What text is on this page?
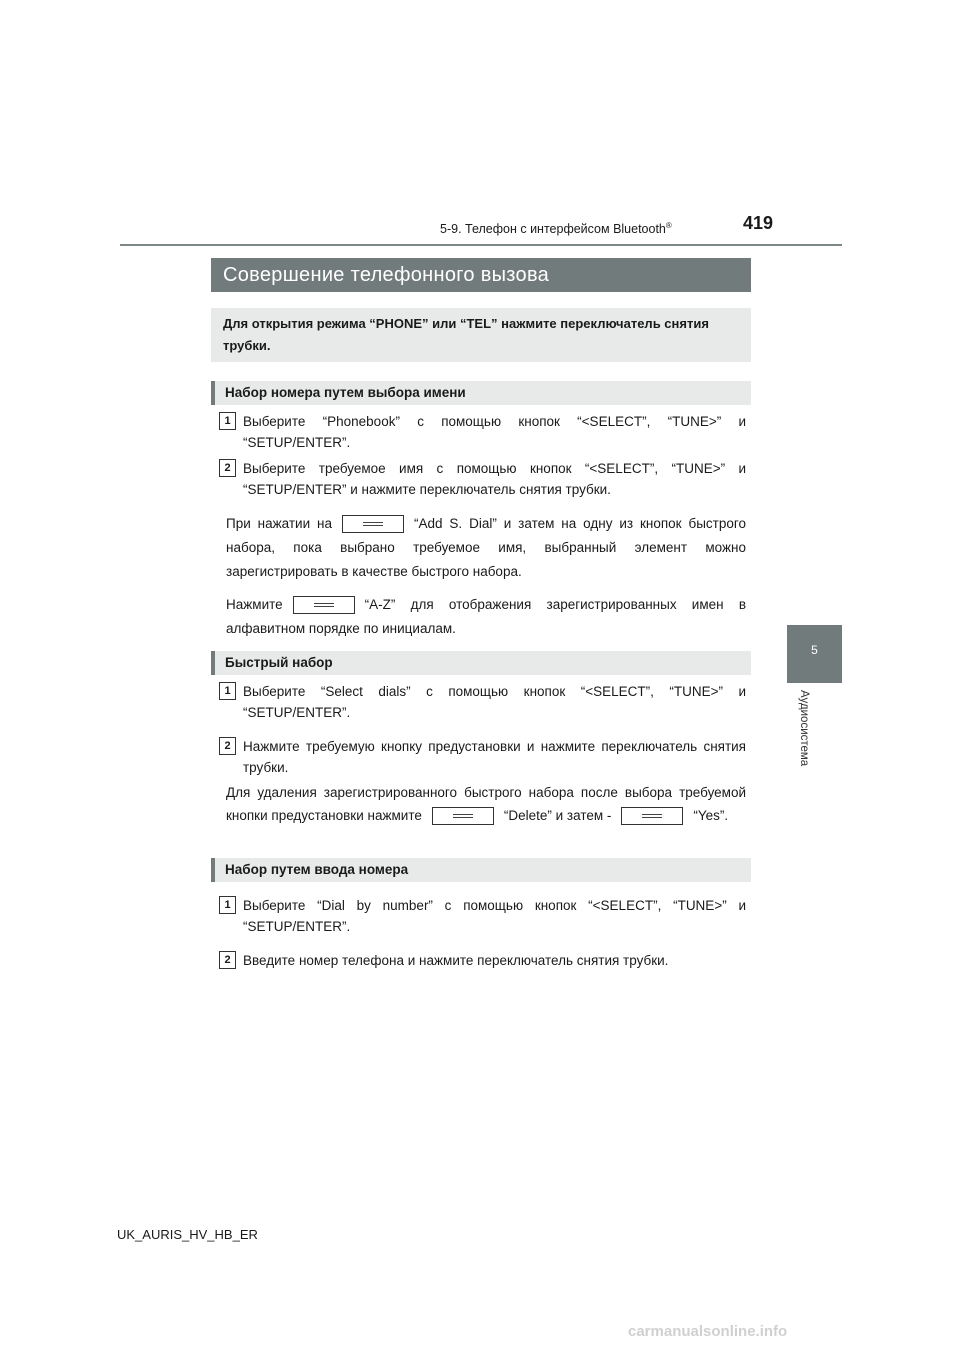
5-9. Телефон с интерфейсом Bluetooth®	419
5
Аудиосистема
Совершение телефонного вызова
Для открытия режима “PHONE” или “TEL” нажмите переключатель снятия трубки.
Набор номера путем выбора имени
1 Выберите “Phonebook” с помощью кнопок “<SELECT”, “TUNE>” и “SETUP/ENTER”.
2 Выберите требуемое имя с помощью кнопок “<SELECT”, “TUNE>” и “SETUP/ENTER” и нажмите переключатель снятия трубки.
При нажатии на	“Add S. Dial” и затем на одну из кнопок быстрого набора, пока выбрано требуемое имя, выбранный элемент можно зарегистрировать в качестве быстрого набора.
Нажмите	“A-Z” для отображения зарегистрированных имен в алфавитном порядке по инициалам.
Быстрый набор
1 Выберите “Select dials” с помощью кнопок “<SELECT”, “TUNE>” и “SETUP/ENTER”.
2 Нажмите требуемую кнопку предустановки и нажмите переключатель снятия трубки.
Для удаления зарегистрированного быстрого набора после выбора требуемой кнопки предустановки нажмите	“Delete” и затем -	“Yes”.
Набор путем ввода номера
1 Выберите “Dial by number” с помощью кнопок “<SELECT”, “TUNE>” и “SETUP/ENTER”.
2 Введите номер телефона и нажмите переключатель снятия трубки.
UK_AURIS_HV_HB_ER
carmanualsonline.info
